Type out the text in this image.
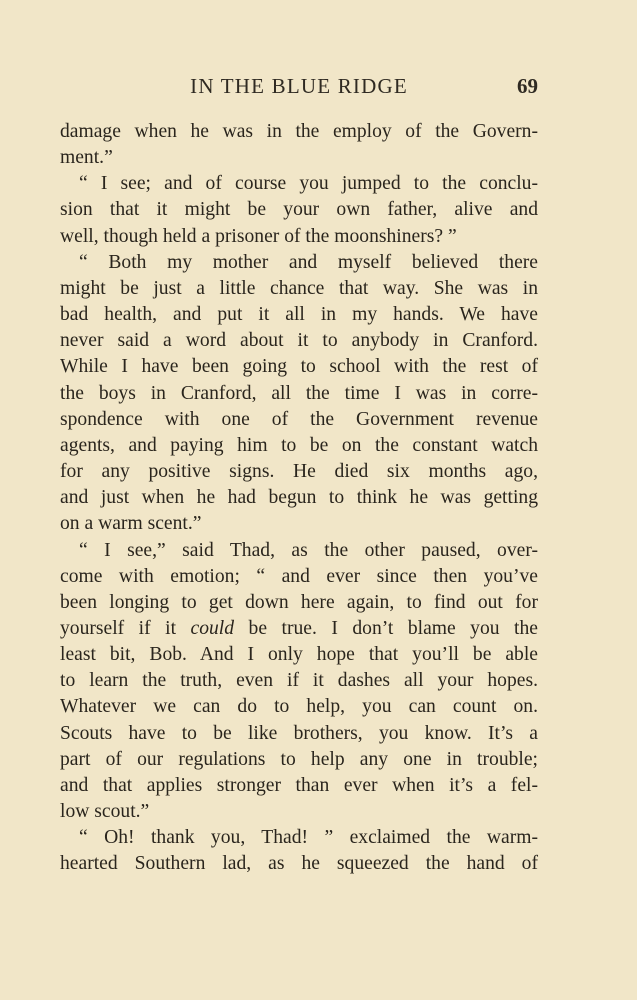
IN THE BLUE RIDGE	69
damage when he was in the employ of the Govern-
ment.”
“ I see; and of course you jumped to the conclu-
sion that it might be your own father, alive and
well, though held a prisoner of the moonshiners? ”
“ Both my mother and myself believed there
might be just a little chance that way. She was in
bad health, and put it all in my hands. We have
never said a word about it to anybody in Cranford.
While I have been going to school with the rest of
the boys in Cranford, all the time I was in corre-
spondence with one of the Government revenue
agents, and paying him to be on the constant watch
for any positive signs. He died six months ago,
and just when he had begun to think he was getting
on a warm scent.”
“ I see,” said Thad, as the other paused, over-
come with emotion; “ and ever since then you’ve
been longing to get down here again, to find out for
yourself if it could be true. I don’t blame you the
least bit, Bob. And I only hope that you’ll be able
to learn the truth, even if it dashes all your hopes.
Whatever we can do to help, you can count on.
Scouts have to be like brothers, you know. It’s a
part of our regulations to help any one in trouble;
and that applies stronger than ever when it’s a fel-
low scout.”
“ Oh! thank you, Thad! ” exclaimed the warm-
hearted Southern lad, as he squeezed the hand of
